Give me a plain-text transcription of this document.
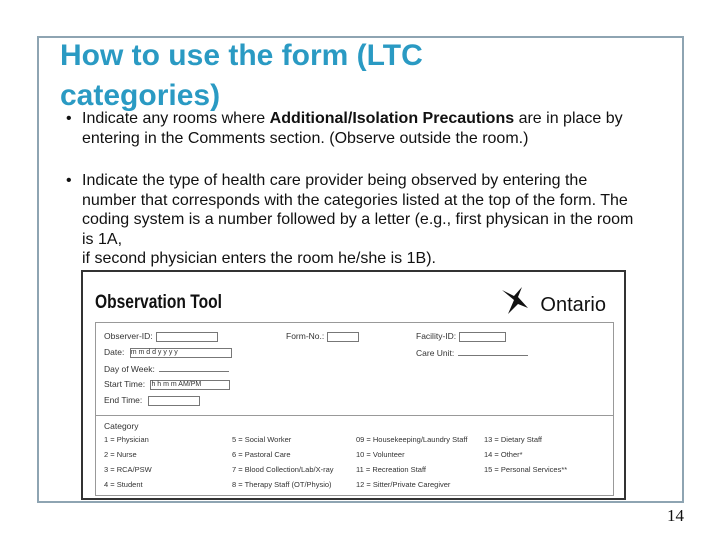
How to use the form (LTC categories)
• Indicate any rooms where Additional/Isolation Precautions are in place by entering in the Comments section. (Observe outside the room.)
• Indicate the type of health care provider being observed by entering the number that corresponds with the categories listed at the top of the form. The coding system is a number followed by a letter (e.g., first physican in the room is 1A,
if second physician enters the room he/she is 1B).
Observation Tool	Ontario
Observer-ID:
Date: m m d d y y y y
Day of Week:
Start Time: h h m m AM/PM
End Time:
Form-No.:	Facility-ID:
Care Unit:
Category
1 = Physician
2 = Nurse
3 = RCA/PSW
4 = Student
5 = Social Worker
6 = Pastoral Care
7 = Blood Collection/Lab/X-ray
8 = Therapy Staff (OT/Physio)
09 = Housekeeping/Laundry Staff
10 = Volunteer
11 = Recreation Staff
12 = Sitter/Private Caregiver
13 = Dietary Staff
14 = Other*
15 = Personal Services**
14
